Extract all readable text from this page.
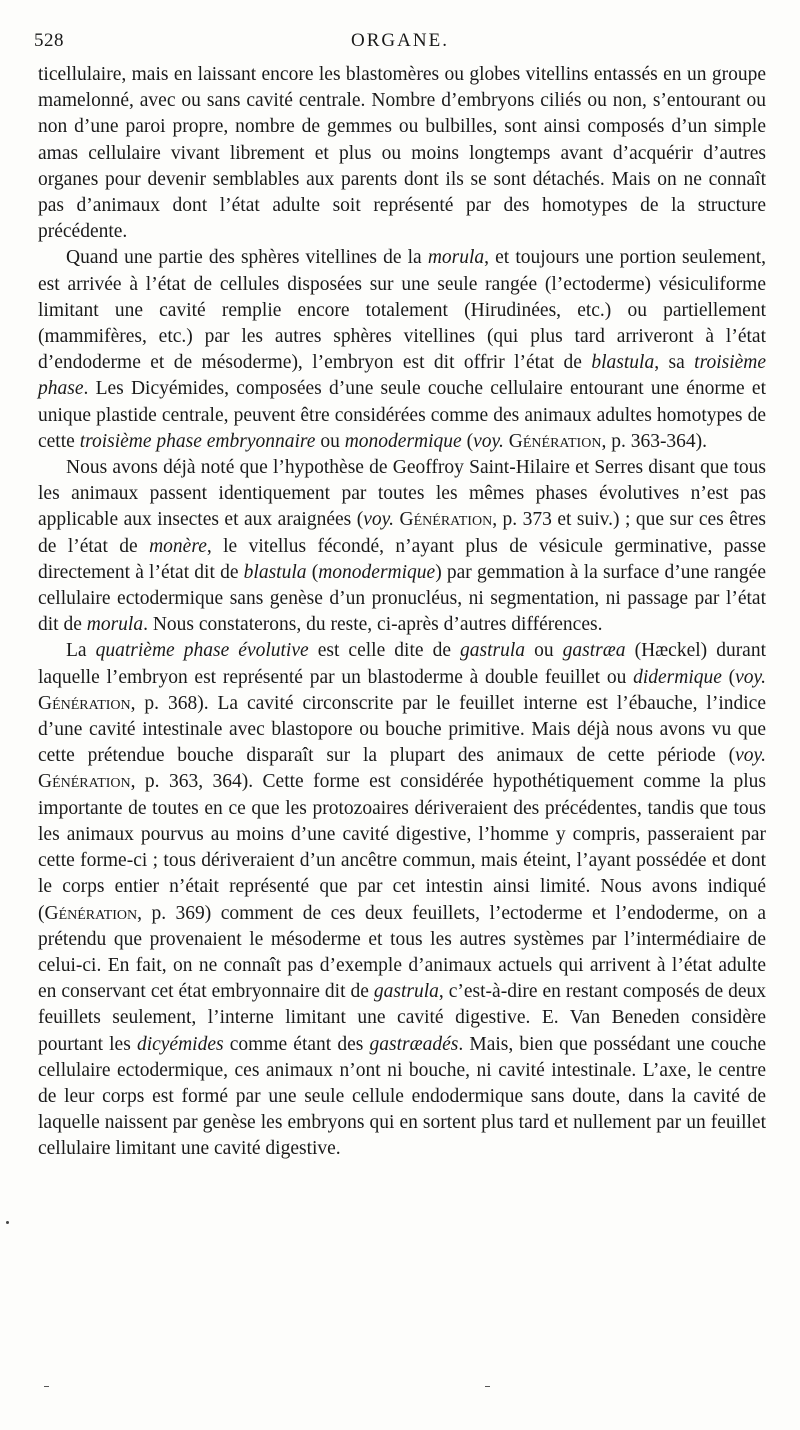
528	ORGANE.

ticellulaire, mais en laissant encore les blastomères ou globes vitellins entassés en un groupe mamelonné, avec ou sans cavité centrale. Nombre d’embryons ciliés ou non, s’entourant ou non d’une paroi propre, nombre de gemmes ou bulbilles, sont ainsi composés d’un simple amas cellulaire vivant librement et plus ou moins longtemps avant d’acquérir d’autres organes pour devenir semblables aux parents dont ils se sont détachés. Mais on ne connaît pas d’animaux dont l’état adulte soit représenté par des homotypes de la structure précédente.

Quand une partie des sphères vitellines de la morula, et toujours une portion seulement, est arrivée à l’état de cellules disposées sur une seule rangée (l’ectoderme) vésiculiforme limitant une cavité remplie encore totalement (Hirudinées, etc.) ou partiellement (mammifères, etc.) par les autres sphères vitellines (qui plus tard arriveront à l’état d’endoderme et de mésoderme), l’embryon est dit offrir l’état de blastula, sa troisième phase. Les Dicyémides, composées d’une seule couche cellulaire entourant une énorme et unique plastide centrale, peuvent être considérées comme des animaux adultes homotypes de cette troisième phase embryonnaire ou monodermique (voy. Génération, p. 363-364).

Nous avons déjà noté que l’hypothèse de Geoffroy Saint-Hilaire et Serres disant que tous les animaux passent identiquement par toutes les mêmes phases évolutives n’est pas applicable aux insectes et aux araignées (voy. Génération, p. 373 et suiv.) ; que sur ces êtres de l’état de monère, le vitellus fécondé, n’ayant plus de vésicule germinative, passe directement à l’état dit de blastula (monodermique) par gemmation à la surface d’une rangée cellulaire ectodermique sans genèse d’un pronucléus, ni segmentation, ni passage par l’état dit de morula. Nous constaterons, du reste, ci-après d’autres différences.

La quatrième phase évolutive est celle dite de gastrula ou gastræa (Hæckel) durant laquelle l’embryon est représenté par un blastoderme à double feuillet ou didermique (voy. Génération, p. 368). La cavité circonscrite par le feuillet interne est l’ébauche, l’indice d’une cavité intestinale avec blastopore ou bouche primitive. Mais déjà nous avons vu que cette prétendue bouche disparaît sur la plupart des animaux de cette période (voy. Génération, p. 363, 364). Cette forme est considérée hypothétiquement comme la plus importante de toutes en ce que les protozoaires dériveraient des précédentes, tandis que tous les animaux pourvus au moins d’une cavité digestive, l’homme y compris, passeraient par cette forme-ci ; tous dériveraient d’un ancêtre commun, mais éteint, l’ayant possédée et dont le corps entier n’était représenté que par cet intestin ainsi limité. Nous avons indiqué (Génération, p. 369) comment de ces deux feuillets, l’ectoderme et l’endoderme, on a prétendu que provenaient le mésoderme et tous les autres systèmes par l’intermédiaire de celui-ci. En fait, on ne connaît pas d’exemple d’animaux actuels qui arrivent à l’état adulte en conservant cet état embryonnaire dit de gastrula, c’est-à-dire en restant composés de deux feuillets seulement, l’interne limitant une cavité digestive. E. Van Beneden considère pourtant les dicyémides comme étant des gastræadés. Mais, bien que possédant une couche cellulaire ectodermique, ces animaux n’ont ni bouche, ni cavité intestinale. L’axe, le centre de leur corps est formé par une seule cellule endodermique sans doute, dans la cavité de laquelle naissent par genèse les embryons qui en sortent plus tard et nullement par un feuillet cellulaire limitant une cavité digestive.
